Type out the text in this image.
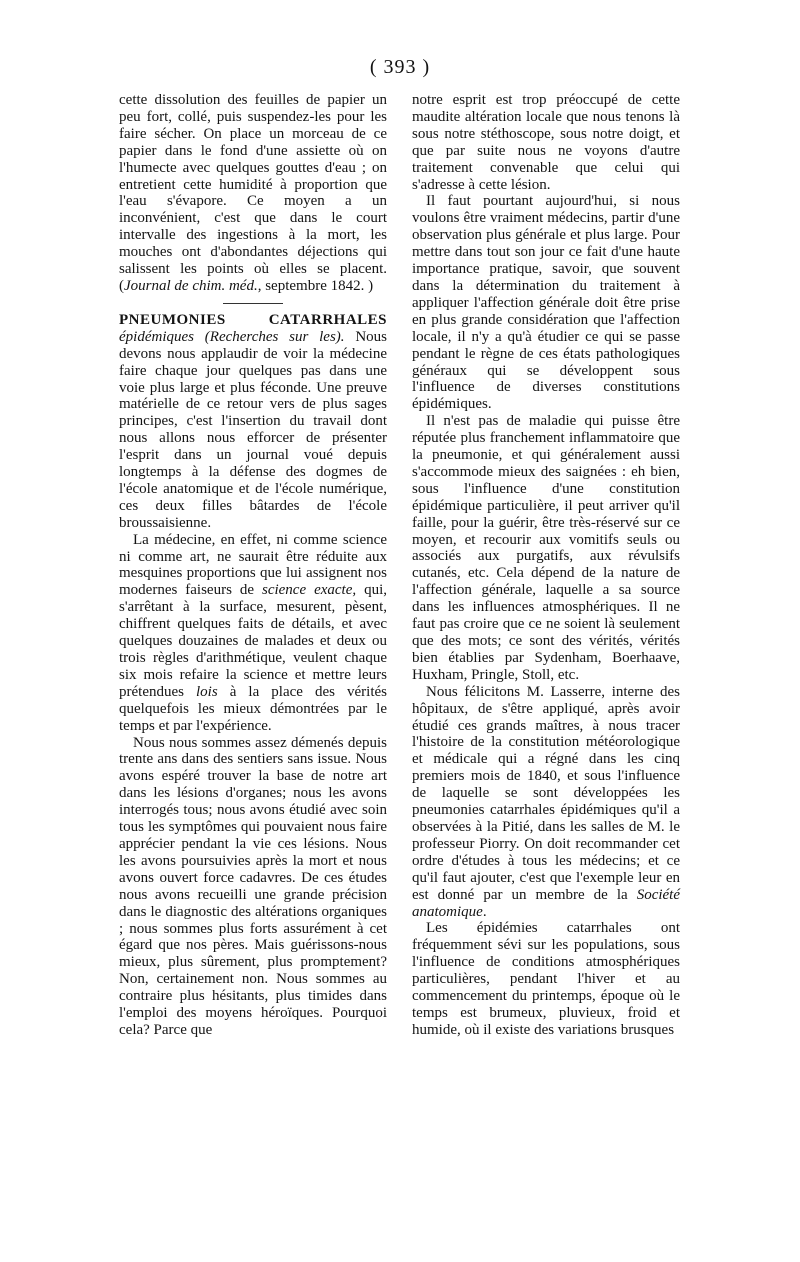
( 393 )

cette dissolution des feuilles de papier un peu fort, collé, puis suspendez-les pour les faire sécher. On place un morceau de ce papier dans le fond d'une assiette où on l'humecte avec quelques gouttes d'eau ; on entretient cette humidité à proportion que l'eau s'évapore. Ce moyen a un inconvénient, c'est que dans le court intervalle des ingestions à la mort, les mouches ont d'abondantes déjections qui salissent les points où elles se placent. (Journal de chim. méd., septembre 1842. )

PNEUMONIES CATARRHALES épidémiques (Recherches sur les). Nous devons nous applaudir de voir la médecine faire chaque jour quelques pas dans une voie plus large et plus féconde. Une preuve matérielle de ce retour vers de plus sages principes, c'est l'insertion du travail dont nous allons nous efforcer de présenter l'esprit dans un journal voué depuis longtemps à la défense des dogmes de l'école anatomique et de l'école numérique, ces deux filles bâtardes de l'école broussaisienne.

La médecine, en effet, ni comme science ni comme art, ne saurait être réduite aux mesquines proportions que lui assignent nos modernes faiseurs de science exacte, qui, s'arrêtant à la surface, mesurent, pèsent, chiffrent quelques faits de détails, et avec quelques douzaines de malades et deux ou trois règles d'arithmétique, veulent chaque six mois refaire la science et mettre leurs prétendues lois à la place des vérités quelquefois les mieux démontrées par le temps et par l'expérience.

Nous nous sommes assez démenés depuis trente ans dans des sentiers sans issue. Nous avons espéré trouver la base de notre art dans les lésions d'organes; nous les avons interrogés tous; nous avons étudié avec soin tous les symptômes qui pouvaient nous faire apprécier pendant la vie ces lésions. Nous les avons poursuivies après la mort et nous avons ouvert force cadavres. De ces études nous avons recueilli une grande précision dans le diagnostic des altérations organiques ; nous sommes plus forts assurément à cet égard que nos pères. Mais guérissons-nous mieux, plus sûrement, plus promptement? Non, certainement non. Nous sommes au contraire plus hésitants, plus timides dans l'emploi des moyens héroïques. Pourquoi cela? Parce que

notre esprit est trop préoccupé de cette maudite altération locale que nous tenons là sous notre stéthoscope, sous notre doigt, et que par suite nous ne voyons d'autre traitement convenable que celui qui s'adresse à cette lésion.

Il faut pourtant aujourd'hui, si nous voulons être vraiment médecins, partir d'une observation plus générale et plus large. Pour mettre dans tout son jour ce fait d'une haute importance pratique, savoir, que souvent dans la détermination du traitement à appliquer l'affection générale doit être prise en plus grande considération que l'affection locale, il n'y a qu'à étudier ce qui se passe pendant le règne de ces états pathologiques généraux qui se développent sous l'influence de diverses constitutions épidémiques.

Il n'est pas de maladie qui puisse être réputée plus franchement inflammatoire que la pneumonie, et qui généralement aussi s'accommode mieux des saignées : eh bien, sous l'influence d'une constitution épidémique particulière, il peut arriver qu'il faille, pour la guérir, être très-réservé sur ce moyen, et recourir aux vomitifs seuls ou associés aux purgatifs, aux révulsifs cutanés, etc. Cela dépend de la nature de l'affection générale, laquelle a sa source dans les influences atmosphériques. Il ne faut pas croire que ce ne soient là seulement que des mots; ce sont des vérités, vérités bien établies par Sydenham, Boerhaave, Huxham, Pringle, Stoll, etc.

Nous félicitons M. Lasserre, interne des hôpitaux, de s'être appliqué, après avoir étudié ces grands maîtres, à nous tracer l'histoire de la constitution météorologique et médicale qui a régné dans les cinq premiers mois de 1840, et sous l'influence de laquelle se sont développées les pneumonies catarrhales épidémiques qu'il a observées à la Pitié, dans les salles de M. le professeur Piorry. On doit recommander cet ordre d'études à tous les médecins; et ce qu'il faut ajouter, c'est que l'exemple leur en est donné par un membre de la Société anatomique.

Les épidémies catarrhales ont fréquemment sévi sur les populations, sous l'influence de conditions atmosphériques particulières, pendant l'hiver et au commencement du printemps, époque où le temps est brumeux, pluvieux, froid et humide, où il existe des variations brusques
